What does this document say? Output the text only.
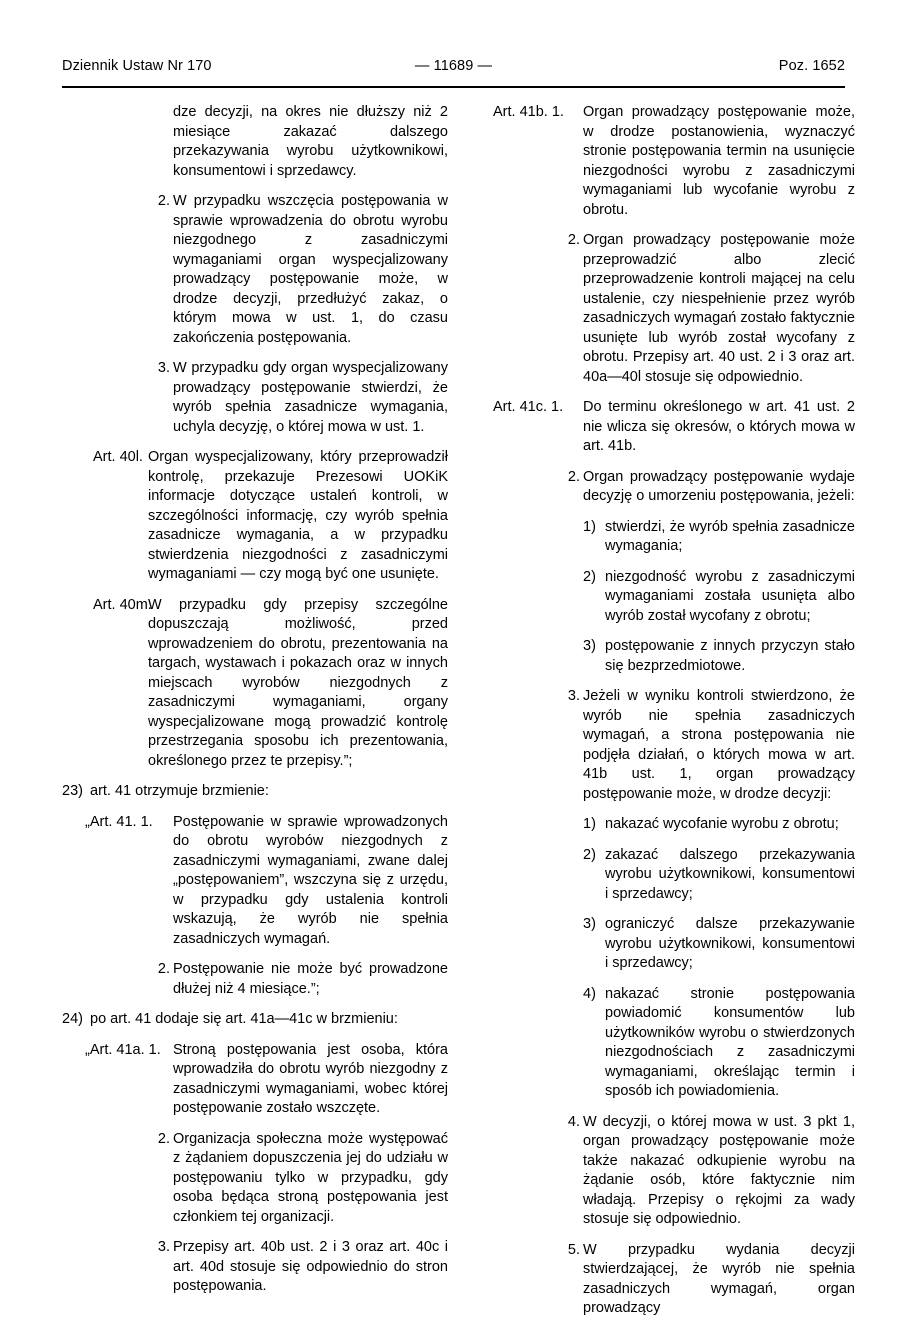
Dziennik Ustaw Nr 170	— 11689 —	Poz. 1652

dze decyzji, na okres nie dłuższy niż 2 miesiące zakazać dalszego przekazywania wyrobu użytkownikowi, konsumentowi i sprzedawcy.

2. W przypadku wszczęcia postępowania w sprawie wprowadzenia do obrotu wyrobu niezgodnego z zasadniczymi wymaganiami organ wyspecjalizowany prowadzący postępowanie może, w drodze decyzji, przedłużyć zakaz, o którym mowa w ust. 1, do czasu zakończenia postępowania.

3. W przypadku gdy organ wyspecjalizowany prowadzący postępowanie stwierdzi, że wyrób spełnia zasadnicze wymagania, uchyla decyzję, o której mowa w ust. 1.

Art. 40l. Organ wyspecjalizowany, który przeprowadził kontrolę, przekazuje Prezesowi UOKiK informacje dotyczące ustaleń kontroli, w szczególności informację, czy wyrób spełnia zasadnicze wymagania, a w przypadku stwierdzenia niezgodności z zasadniczymi wymaganiami — czy mogą być one usunięte.

Art. 40m.

W przypadku gdy przepisy szczególne dopuszczają możliwość, przed wprowadzeniem do obrotu, prezentowania na targach, wystawach i pokazach oraz w innych miejscach wyrobów niezgodnych z zasadniczymi wymaganiami, organy wyspecjalizowane mogą prowadzić kontrolę przestrzegania sposobu ich prezentowania, określonego przez te przepisy.”;

23) art. 41 otrzymuje brzmienie:

„Art. 41. 1. Postępowanie w sprawie wprowadzonych do obrotu wyrobów niezgodnych z zasadniczymi wymaganiami, zwane dalej „postępowaniem”, wszczyna się z urzędu, w przypadku gdy ustalenia kontroli wskazują, że wyrób nie spełnia zasadniczych wymagań.

2. Postępowanie nie może być prowadzone dłużej niż 4 miesiące.”;

24) po art. 41 dodaje się art. 41a—41c w brzmieniu:

„Art. 41a. 1. Stroną postępowania jest osoba, która wprowadziła do obrotu wyrób niezgodny z zasadniczymi wymaganiami, wobec której postępowanie zostało wszczęte.

2. Organizacja społeczna może występować z żądaniem dopuszczenia jej do udziału w postępowaniu tylko w przypadku, gdy osoba będąca stroną postępowania jest członkiem tej organizacji.

3. Przepisy art. 40b ust. 2 i 3 oraz art. 40c i art. 40d stosuje się odpowiednio do stron postępowania.

Art. 41b. 1. Organ prowadzący postępowanie może, w drodze postanowienia, wyznaczyć stronie postępowania termin na usunięcie niezgodności wyrobu z zasadniczymi wymaganiami lub wycofanie wyrobu z obrotu.

2. Organ prowadzący postępowanie może przeprowadzić albo zlecić przeprowadzenie kontroli mającej na celu ustalenie, czy niespełnienie przez wyrób zasadniczych wymagań zostało faktycznie usunięte lub wyrób został wycofany z obrotu. Przepisy art. 40 ust. 2 i 3 oraz art. 40a—40l stosuje się odpowiednio.

Art. 41c. 1. Do terminu określonego w art. 41 ust. 2 nie wlicza się okresów, o których mowa w art. 41b.

2. Organ prowadzący postępowanie wydaje decyzję o umorzeniu postępowania, jeżeli:

1) stwierdzi, że wyrób spełnia zasadnicze wymagania;

2) niezgodność wyrobu z zasadniczymi wymaganiami została usunięta albo wyrób został wycofany z obrotu;

3) postępowanie z innych przyczyn stało się bezprzedmiotowe.

3. Jeżeli w wyniku kontroli stwierdzono, że wyrób nie spełnia zasadniczych wymagań, a strona postępowania nie podjęła działań, o których mowa w art. 41b ust. 1, organ prowadzący postępowanie może, w drodze decyzji:

1) nakazać wycofanie wyrobu z obrotu;

2) zakazać dalszego przekazywania wyrobu użytkownikowi, konsumentowi i sprzedawcy;

3) ograniczyć dalsze przekazywanie wyrobu użytkownikowi, konsumentowi i sprzedawcy;

4) nakazać stronie postępowania powiadomić konsumentów lub użytkowników wyrobu o stwierdzonych niezgodnościach z zasadniczymi wymaganiami, określając termin i sposób ich powiadomienia.

4. W decyzji, o której mowa w ust. 3 pkt 1, organ prowadzący postępowanie może także nakazać odkupienie wyrobu na żądanie osób, które faktycznie nim władają. Przepisy o rękojmi za wady stosuje się odpowiednio.

5. W przypadku wydania decyzji stwierdzającej, że wyrób nie spełnia zasadniczych wymagań, organ prowadzący
